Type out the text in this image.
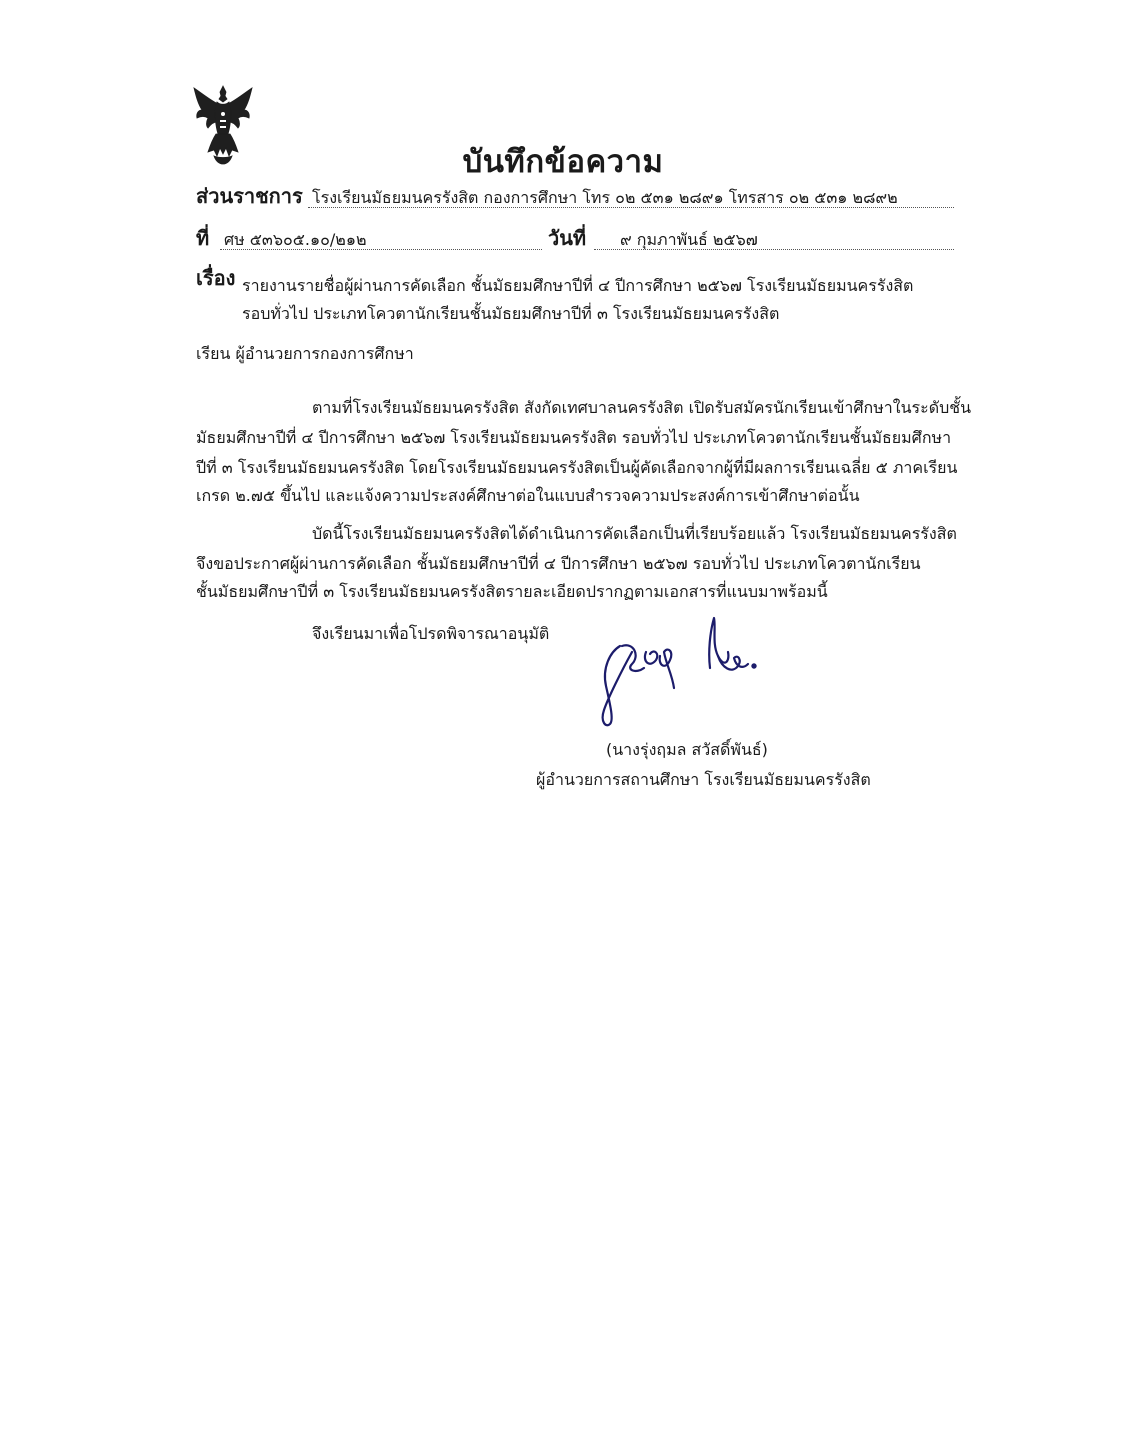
บันทึกข้อความ
ส่วนราชการ โรงเรียนมัธยมนครรังสิต กองการศึกษา โทร ๐๒ ๕๓๑ ๒๘๙๑ โทรสาร ๐๒ ๕๓๑ ๒๘๙๒
ที่ ศษ ๕๓๖๐๕.๑๐/๒๑๒	วันที่ ๙ กุมภาพันธ์ ๒๕๖๗
เรื่อง รายงานรายชื่อผู้ผ่านการคัดเลือก ชั้นมัธยมศึกษาปีที่ ๔ ปีการศึกษา ๒๕๖๗ โรงเรียนมัธยมนครรังสิต
รอบทั่วไป ประเภทโควตานักเรียนชั้นมัธยมศึกษาปีที่ ๓ โรงเรียนมัธยมนครรังสิต
เรียน ผู้อำนวยการกองการศึกษา
ตามที่โรงเรียนมัธยมนครรังสิต สังกัดเทศบาลนครรังสิต เปิดรับสมัครนักเรียนเข้าศึกษาในระดับชั้น
มัธยมศึกษาปีที่ ๔ ปีการศึกษา ๒๕๖๗ โรงเรียนมัธยมนครรังสิต รอบทั่วไป ประเภทโควตานักเรียนชั้นมัธยมศึกษา
ปีที่ ๓ โรงเรียนมัธยมนครรังสิต โดยโรงเรียนมัธยมนครรังสิตเป็นผู้คัดเลือกจากผู้ที่มีผลการเรียนเฉลี่ย ๕ ภาคเรียน
เกรด ๒.๗๕ ขึ้นไป และแจ้งความประสงค์ศึกษาต่อในแบบสำรวจความประสงค์การเข้าศึกษาต่อนั้น
บัดนี้โรงเรียนมัธยมนครรังสิตได้ดำเนินการคัดเลือกเป็นที่เรียบร้อยแล้ว โรงเรียนมัธยมนครรังสิต
จึงขอประกาศผู้ผ่านการคัดเลือก ชั้นมัธยมศึกษาปีที่ ๔ ปีการศึกษา ๒๕๖๗ รอบทั่วไป ประเภทโควตานักเรียน
ชั้นมัธยมศึกษาปีที่ ๓ โรงเรียนมัธยมนครรังสิตรายละเอียดปรากฏตามเอกสารที่แนบมาพร้อมนี้
จึงเรียนมาเพื่อโปรดพิจารณาอนุมัติ
(นางรุ่งฤมล สวัสดิ์พันธ์)
ผู้อำนวยการสถานศึกษา โรงเรียนมัธยมนครรังสิต
